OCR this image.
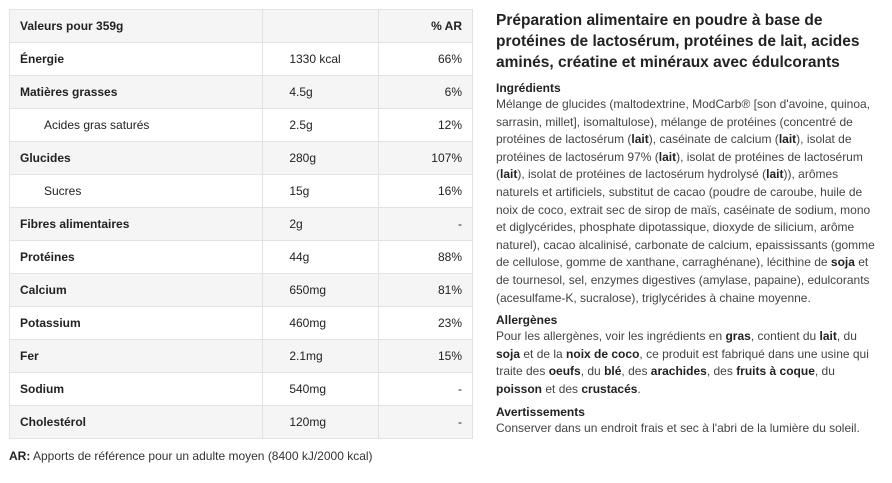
Valeurs pour 359g		% AR
Énergie	1330 kcal	66%
Matières grasses	4.5g	6%
Acides gras saturés	2.5g	12%
Glucides	280g	107%
Sucres	15g	16%
Fibres alimentaires	2g	-
Protéines	44g	88%
Calcium	650mg	81%
Potassium	460mg	23%
Fer	2.1mg	15%
Sodium	540mg	-
Cholestérol	120mg	-
AR: Apports de référence pour un adulte moyen (8400 kJ/2000 kcal)
Préparation alimentaire en poudre à base de protéines de lactosérum, protéines de lait, acides aminés, créatine et minéraux avec édulcorants

Ingrédients

Mélange de glucides (maltodextrine, ModCarb® [son d'avoine, quinoa, sarrasin, millet], isomaltulose), mélange de protéines (concentré de protéines de lactosérum (lait), caséinate de calcium (lait), isolat de protéines de lactosérum 97% (lait), isolat de protéines de lactosérum (lait), isolat de protéines de lactosérum hydrolysé (lait)), arômes naturels et artificiels, substitut de cacao (poudre de caroube, huile de noix de coco, extrait sec de sirop de maïs, caséinate de sodium, mono et diglycérides, phosphate dipotassique, dioxyde de silicium, arôme naturel), cacao alcalinisé, carbonate de calcium, epaississants (gomme de cellulose, gomme de xanthane, carraghénane), lécithine de soja et de tournesol, sel, enzymes digestives (amylase, papaine), edulcorants (acesulfame-K, sucralose), triglycérides à chaine moyenne.

Allergènes

Pour les allergènes, voir les ingrédients en gras, contient du lait, du soja et de la noix de coco, ce produit est fabriqué dans une usine qui traite des oeufs, du blé, des arachides, des fruits à coque, du poisson et des crustacés.

Avertissements

Conserver dans un endroit frais et sec à l'abri de la lumière du soleil.
